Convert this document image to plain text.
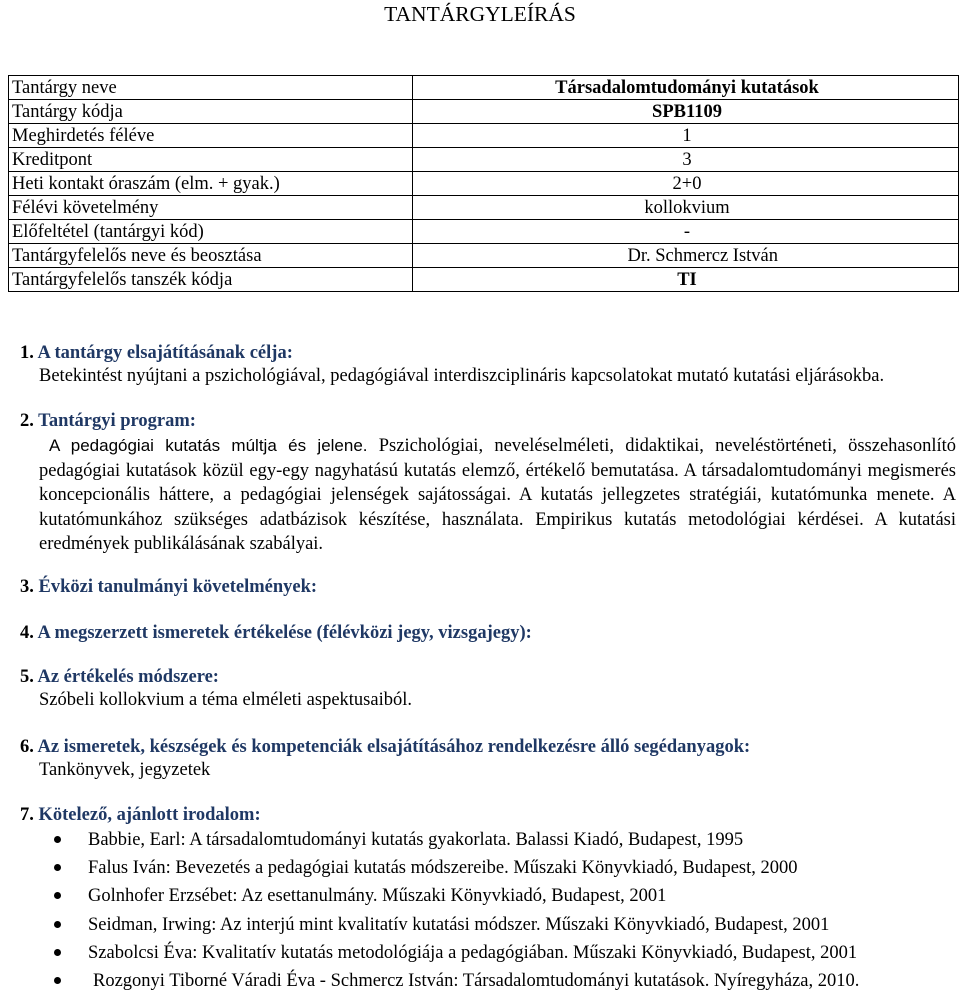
TANTÁRGYLEÍRÁS
Tantárgy neve	Társadalomtudományi kutatások
Tantárgy kódja	SPB1109
Meghirdetés féléve	1
Kreditpont	3
Heti kontakt óraszám (elm. + gyak.)	2+0
Félévi követelmény	kollokvium
Előfeltétel (tantárgyi kód)	-
Tantárgyfelelős neve és beosztása	Dr. Schmercz István
Tantárgyfelelős tanszék kódja	TI

1. A tantárgy elsajátításának célja:

Betekintést nyújtani a pszichológiával, pedagógiával interdiszciplináris kapcsolatokat mutató kutatási eljárásokba.

2. Tantárgyi program:

A pedagógiai kutatás múltja és jelene. Pszichológiai, neveléselméleti, didaktikai, neveléstörténeti, összehasonlító pedagógiai kutatások közül egy-egy nagyhatású kutatás elemző, értékelő bemutatása. A társadalomtudományi megismerés koncepcionális háttere, a pedagógiai jelenségek sajátosságai. A kutatás jellegzetes stratégiái, kutatómunka menete. A kutatómunkához szükséges adatbázisok készítése, használata. Empirikus kutatás metodológiai kérdései. A kutatási eredmények publikálásának szabályai.

3. Évközi tanulmányi követelmények:

4. A megszerzett ismeretek értékelése (félévközi jegy, vizsgajegy):

5. Az értékelés módszere:

Szóbeli kollokvium a téma elméleti aspektusaiból.

6. Az ismeretek, készségek és kompetenciák elsajátításához rendelkezésre álló segédanyagok:

Tankönyvek, jegyzetek

7. Kötelező, ajánlott irodalom:

Babbie, Earl: A társadalomtudományi kutatás gyakorlata. Balassi Kiadó, Budapest, 1995
Falus Iván: Bevezetés a pedagógiai kutatás módszereibe. Műszaki Könyvkiadó, Budapest, 2000
Golnhofer Erzsébet: Az esettanulmány. Műszaki Könyvkiadó, Budapest, 2001
Seidman, Irwing: Az interjú mint kvalitatív kutatási módszer. Műszaki Könyvkiadó, Budapest, 2001
Szabolcsi Éva: Kvalitatív kutatás metodológiája a pedagógiában. Műszaki Könyvkiadó, Budapest, 2001
Rozgonyi Tiborné Váradi Éva - Schmercz István: Társadalomtudományi kutatások. Nyíregyháza, 2010.
